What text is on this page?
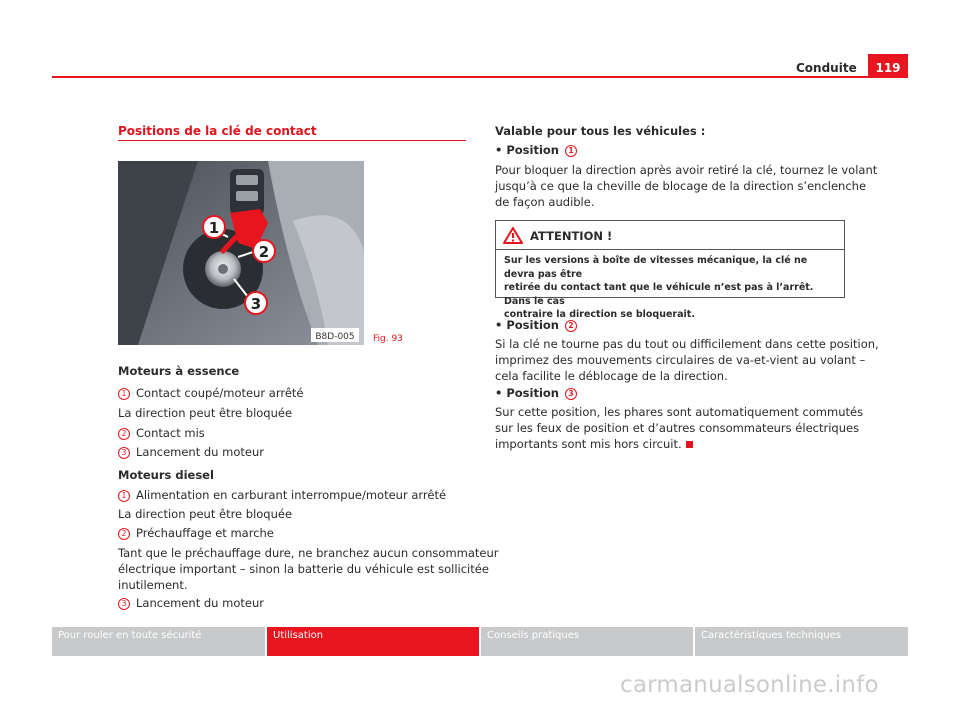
Conduite	119
Positions de la clé de contact
1
2
3
B8D-005 Fig. 93
Moteurs à essence
1 Contact coupé/moteur arrêté
La direction peut être bloquée
2 Contact mis
3 Lancement du moteur
Moteurs diesel
1 Alimentation en carburant interrompue/moteur arrêté
La direction peut être bloquée
2 Préchauffage et marche
Tant que le préchauffage dure, ne branchez aucun consommateur
électrique important – sinon la batterie du véhicule est sollicitée
inutilement.
3 Lancement du moteur
Valable pour tous les véhicules :
• Position 1
Pour bloquer la direction après avoir retiré la clé, tournez le volant
jusqu’à ce que la cheville de blocage de la direction s’enclenche
de façon audible.
ATTENTION !
Sur les versions à boîte de vitesses mécanique, la clé ne devra pas être
retirée du contact tant que le véhicule n’est pas à l’arrêt. Dans le cas
contraire la direction se bloquerait.
• Position 2
Si la clé ne tourne pas du tout ou difficilement dans cette position,
imprimez des mouvements circulaires de va-et-vient au volant –
cela facilite le déblocage de la direction.
• Position 3
Sur cette position, les phares sont automatiquement commutés
sur les feux de position et d’autres consommateurs électriques
importants sont mis hors circuit.
Pour rouler en toute sécurité	Utilisation	Conseils pratiques	Caractéristiques techniques
carmanualsonline.info
